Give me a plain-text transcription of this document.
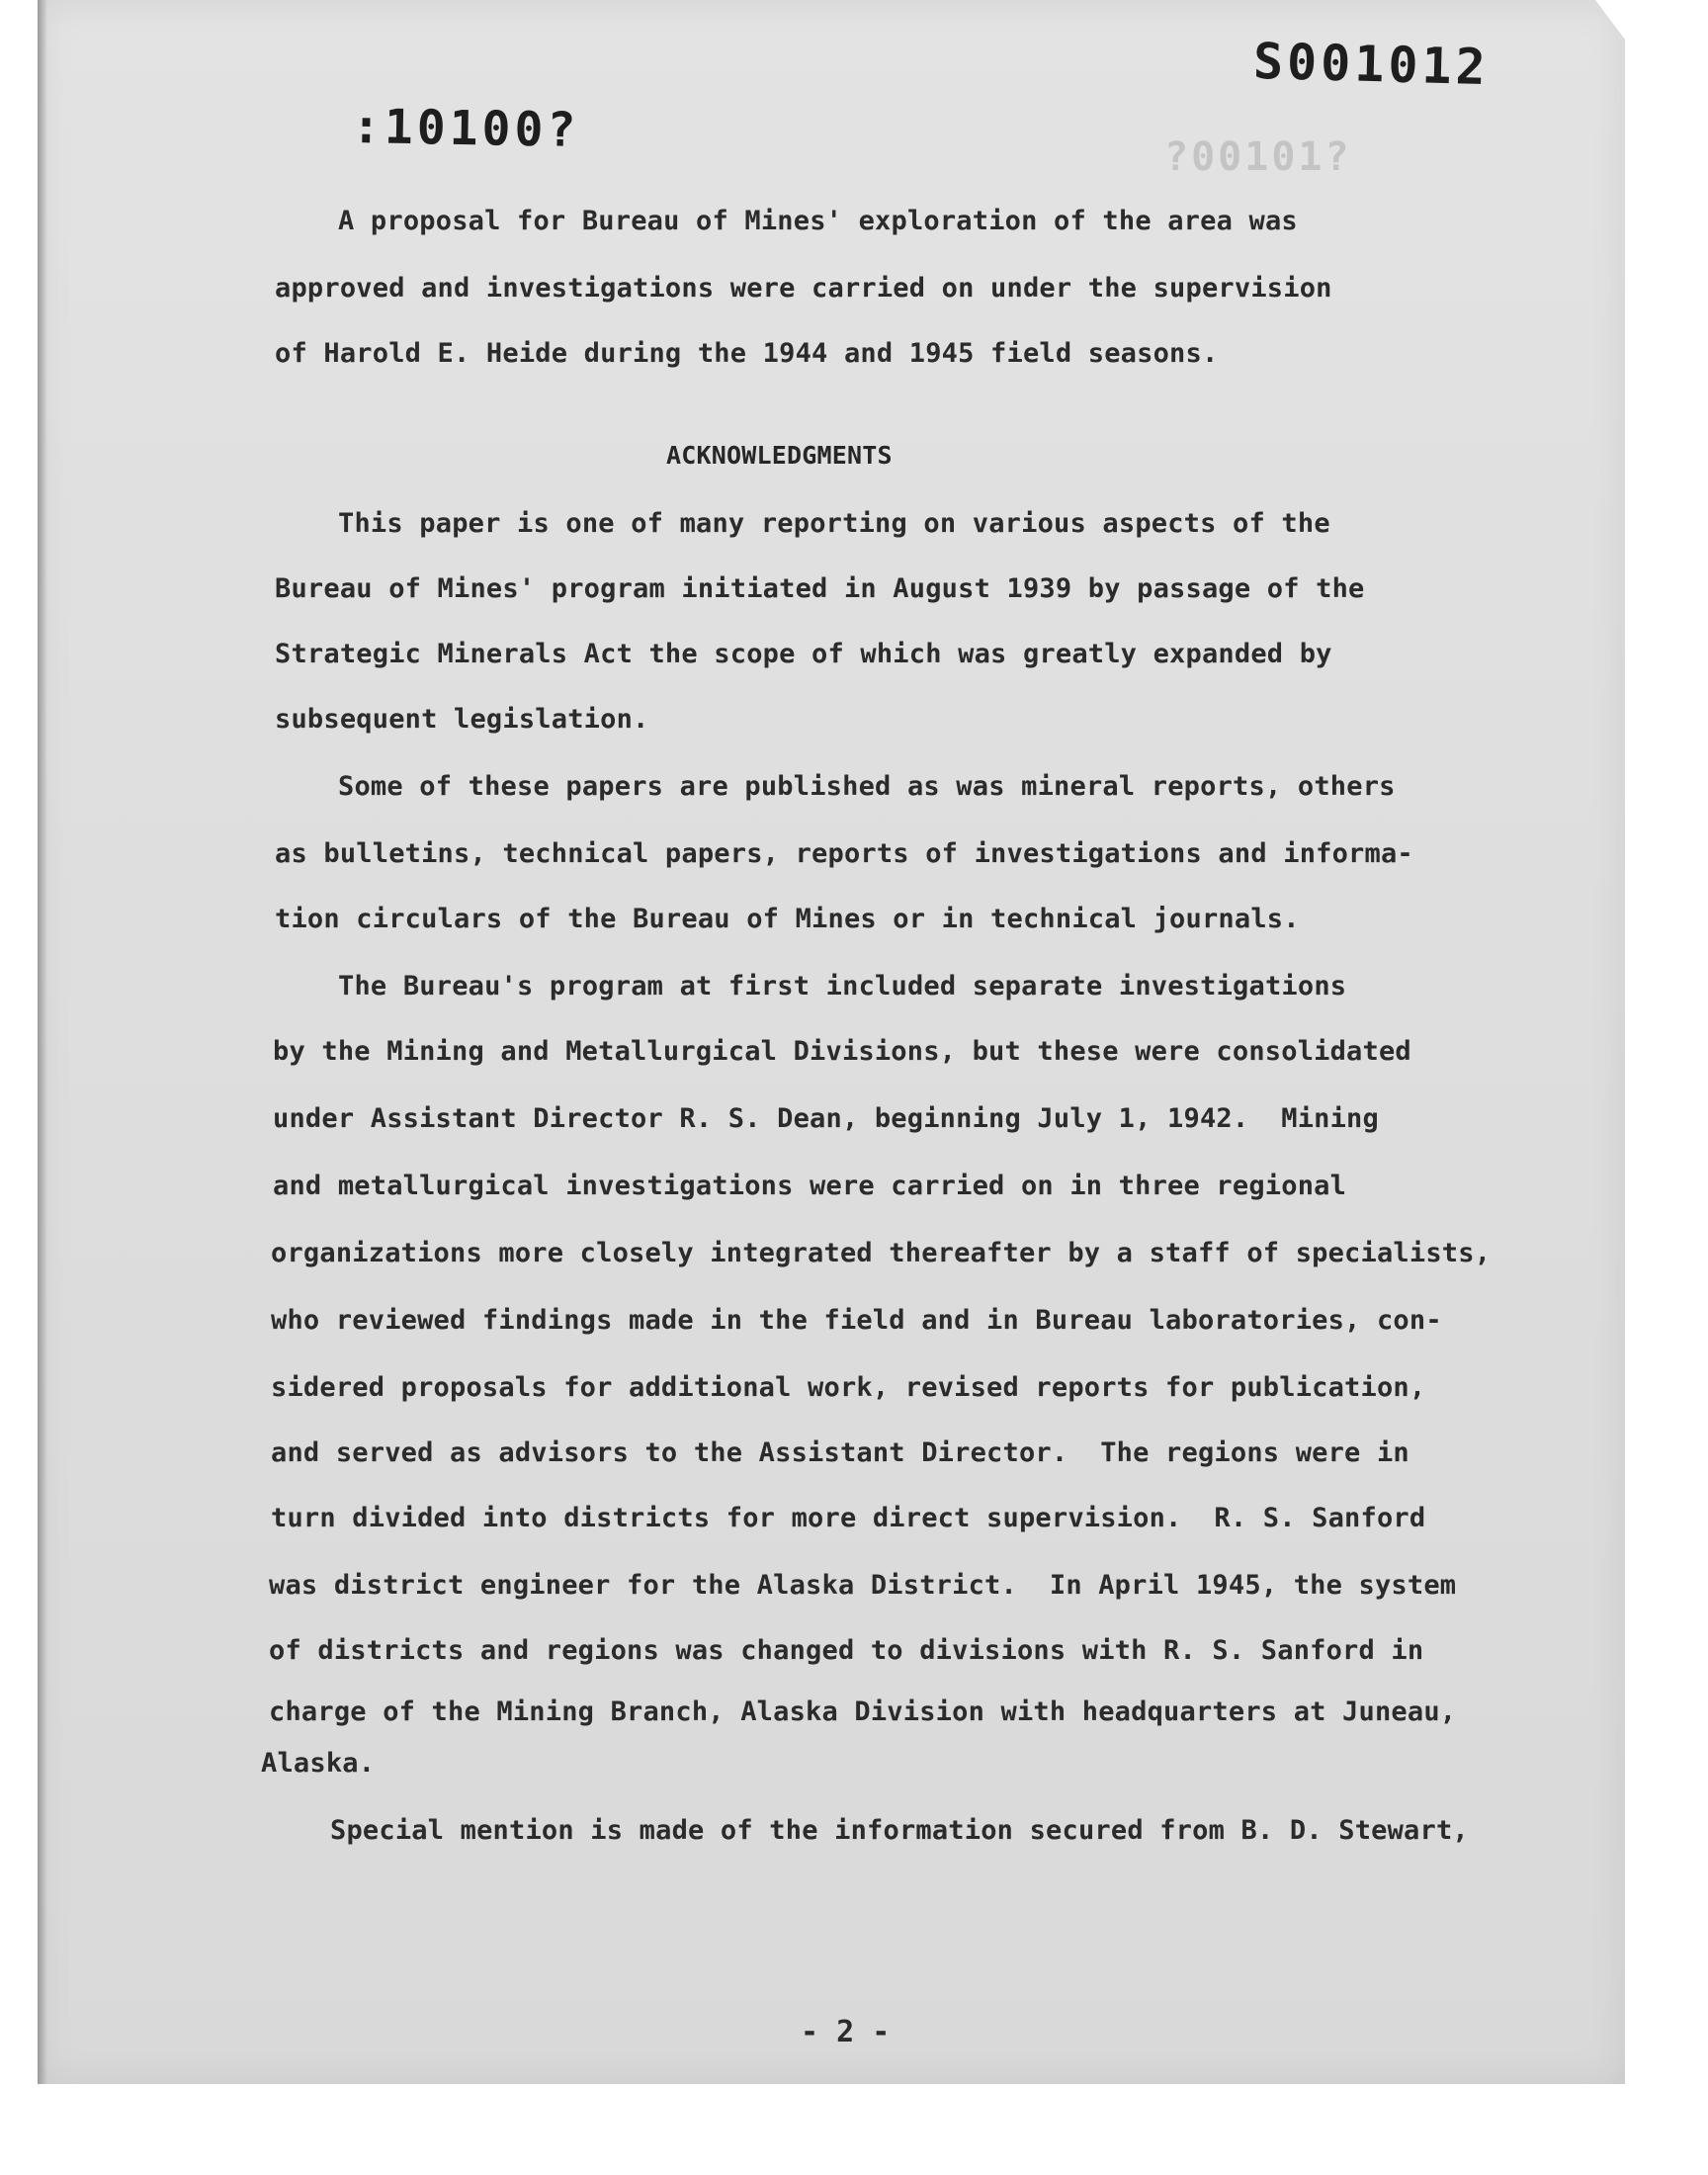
S001012
:10100?	?00101?

A proposal for Bureau of Mines' exploration of the area was

approved and investigations were carried on under the supervision

of Harold E. Heide during the 1944 and 1945 field seasons.

ACKNOWLEDGMENTS

This paper is one of many reporting on various aspects of the

Bureau of Mines' program initiated in August 1939 by passage of the

Strategic Minerals Act the scope of which was greatly expanded by

subsequent legislation.

Some of these papers are published as was mineral reports, others

as bulletins, technical papers, reports of investigations and informa-

tion circulars of the Bureau of Mines or in technical journals.

The Bureau's program at first included separate investigations

by the Mining and Metallurgical Divisions, but these were consolidated

under Assistant Director R. S. Dean, beginning July 1, 1942.  Mining

and metallurgical investigations were carried on in three regional

organizations more closely integrated thereafter by a staff of specialists,

who reviewed findings made in the field and in Bureau laboratories, con-

sidered proposals for additional work, revised reports for publication,

and served as advisors to the Assistant Director.  The regions were in

turn divided into districts for more direct supervision.  R. S. Sanford

was district engineer for the Alaska District.  In April 1945, the system

of districts and regions was changed to divisions with R. S. Sanford in

charge of the Mining Branch, Alaska Division with headquarters at Juneau,

Alaska.

Special mention is made of the information secured from B. D. Stewart,

- 2 -
